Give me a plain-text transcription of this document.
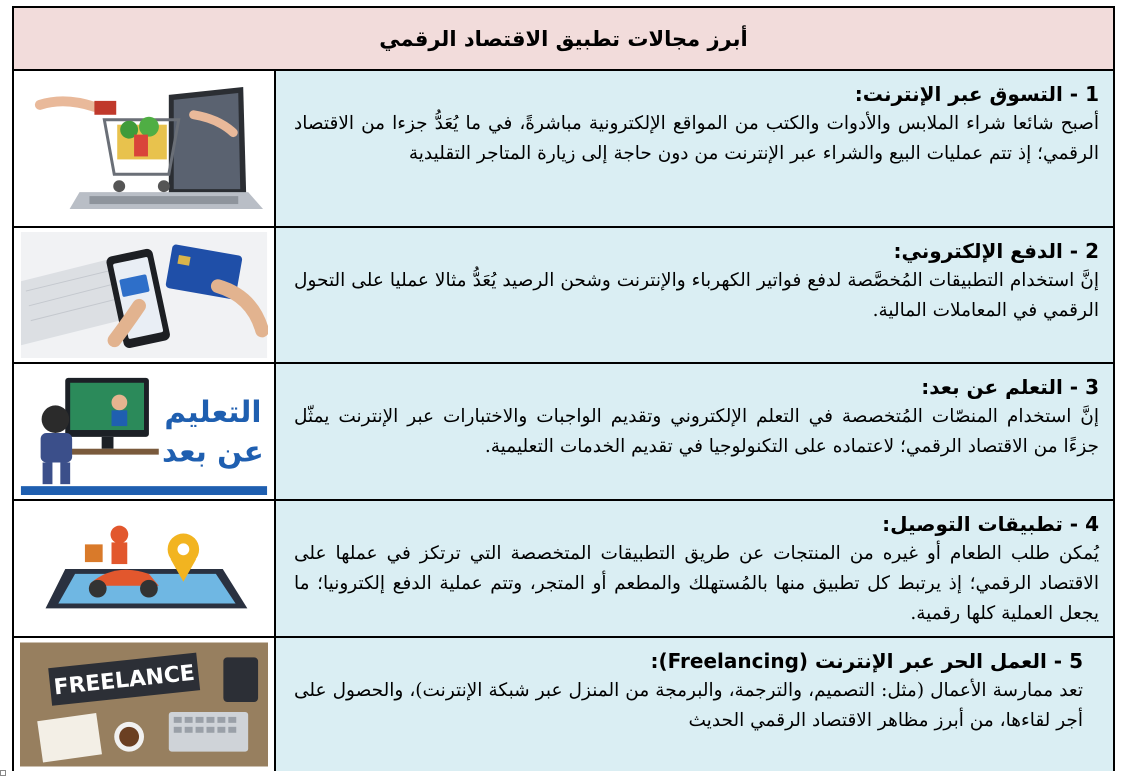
أبرز مجالات تطبيق الاقتصاد الرقمي
1 - التسوق عبر الإنترنت:
أصبح شائعا شراء الملابس والأدوات والكتب من المواقع الإلكترونية مباشرةً، في ما يُعَدُّ جزءا من الاقتصاد الرقمي؛ إذ تتم عمليات البيع والشراء عبر الإنترنت من دون حاجة إلى زيارة المتاجر التقليدية
2 - الدفع الإلكتروني:
إنَّ استخدام التطبيقات المُخصَّصة لدفع فواتير الكهرباء والإنترنت وشحن الرصيد يُعَدُّ مثالا عمليا على التحول الرقمي في المعاملات المالية.
التعليم
عن بعد
3 - التعلم عن بعد:
إنَّ استخدام المنصّات المُتخصصة في التعلم الإلكتروني وتقديم الواجبات والاختبارات عبر الإنترنت يمثّل جزءًا من الاقتصاد الرقمي؛ لاعتماده على التكنولوجيا في تقديم الخدمات التعليمية.
4 - تطبيقات التوصيل:
يُمكن طلب الطعام أو غيره من المنتجات عن طريق التطبيقات المتخصصة التي ترتكز في عملها على الاقتصاد الرقمي؛ إذ يرتبط كل تطبيق منها بالمُستهلك والمطعم أو المتجر، وتتم عملية الدفع إلكترونيا؛ ما يجعل العملية كلها رقمية.
FREELANCE	5 - العمل الحر عبر الإنترنت (Freelancing):
تعد ممارسة الأعمال (مثل: التصميم، والترجمة، والبرمجة من المنزل عبر شبكة الإنترنت)، والحصول على أجر لقاءها، من أبرز مظاهر الاقتصاد الرقمي الحديث
